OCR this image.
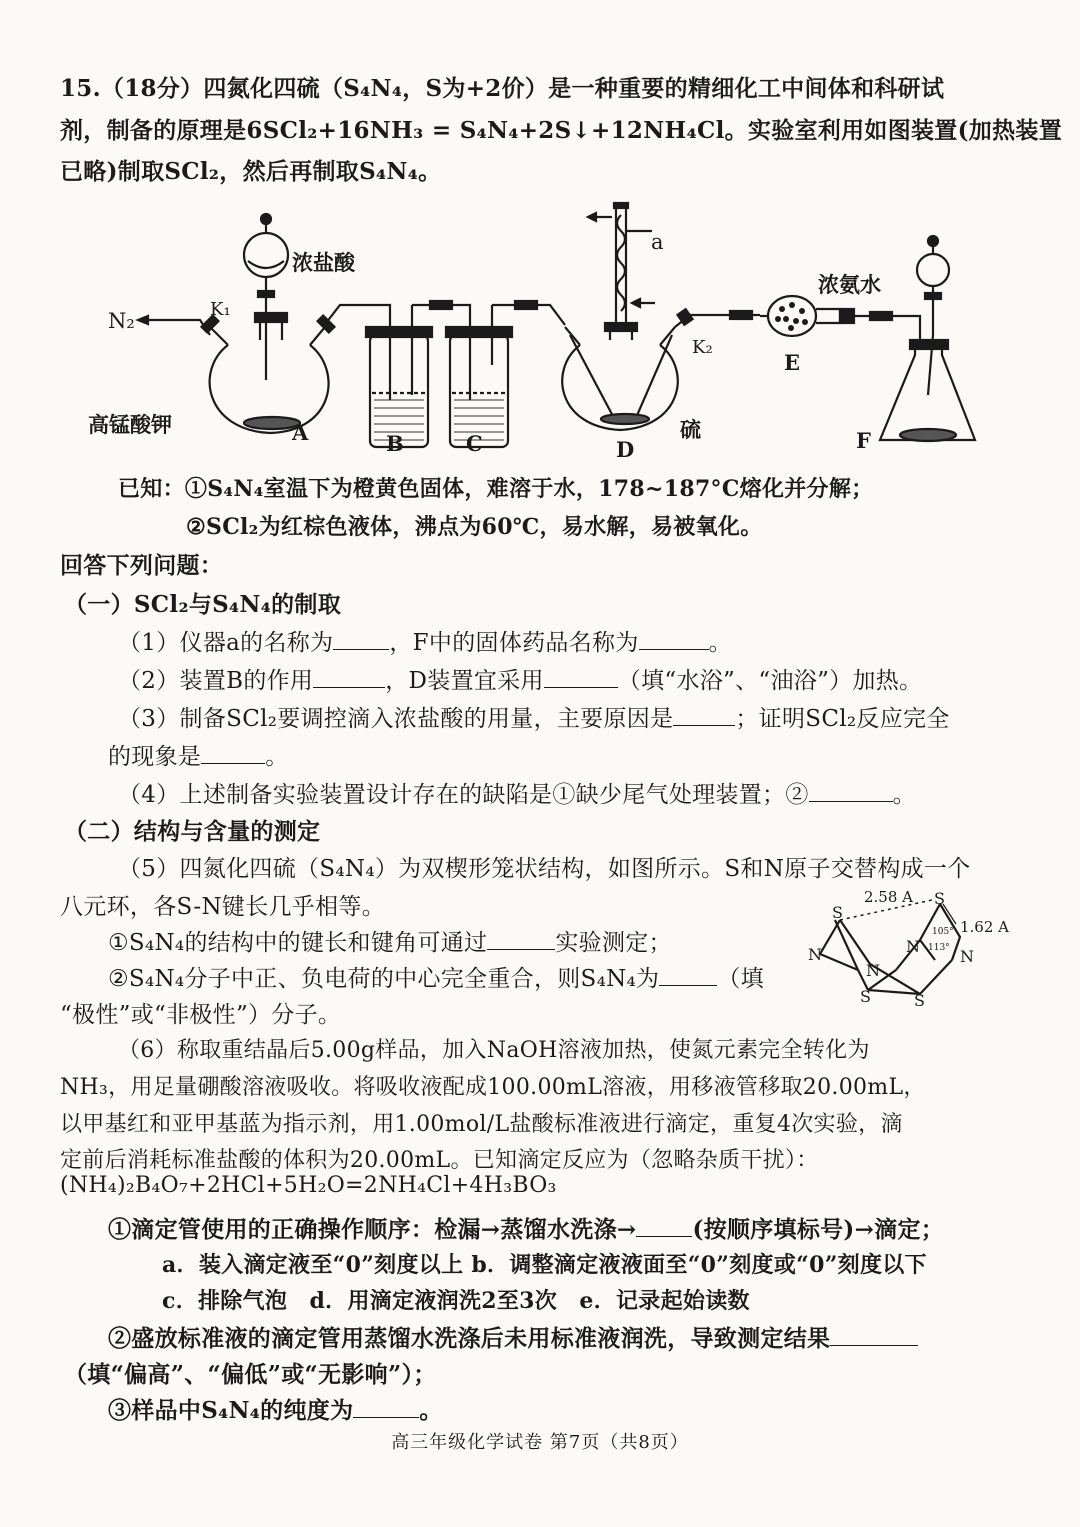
15.（18分）四氮化四硫（S₄N₄，S为+2价）是一种重要的精细化工中间体和科研试
剂，制备的原理是6SCl₂+16NH₃ = S₄N₄+2S↓+12NH₄Cl。实验室利用如图装置(加热装置
已略)制取SCl₂，然后再制取S₄N₄。
N₂	K₁
K₂
浓盐酸
高锰酸钾	硫
浓氨水
a
A	B	C	D
E
F
已知：①S₄N₄室温下为橙黄色固体，难溶于水，178~187°C熔化并分解；
②SCl₂为红棕色液体，沸点为60℃，易水解，易被氧化。
回答下列问题：
（一）SCl₂与S₄N₄的制取
（1）仪器a的名称为 ，F中的固体药品名称为	。
（2）装置B的作用	，D装置宜采用	（填“水浴”、“油浴”）加热。
（3）制备SCl₂要调控滴入浓盐酸的用量，主要原因是	；证明SCl₂反应完全
的现象是	。
（4）上述制备实验装置设计存在的缺陷是①缺少尾气处理装置；②	。
（二）结构与含量的测定
（5）四氮化四硫（S₄N₄）为双楔形笼状结构，如图所示。S和N原子交替构成一个
八元环，各S-N键长几乎相等。
①S₄N₄的结构中的键长和键角可通过	实验测定；
②S₄N₄分子中正、负电荷的中心完全重合，则S₄N₄为	（填
“极性”或“非极性”）分子。
S
S
S	S
N
N
N
N
2.58 A
1.62 A
105°
113°
（6）称取重结晶后5.00g样品，加入NaOH溶液加热，使氮元素完全转化为
NH₃，用足量硼酸溶液吸收。将吸收液配成100.00mL溶液，用移液管移取20.00mL，
以甲基红和亚甲基蓝为指示剂，用1.00mol/L盐酸标准液进行滴定，重复4次实验，滴
定前后消耗标准盐酸的体积为20.00mL。已知滴定反应为（忽略杂质干扰）：
(NH₄)₂B₄O₇+2HCl+5H₂O=2NH₄Cl+4H₃BO₃
①滴定管使用的正确操作顺序：检漏→蒸馏水洗涤→ (按顺序填标号)→滴定；
a．装入滴定液至“0”刻度以上 b．调整滴定液液面至“0”刻度或“0”刻度以下
c．排除气泡　d．用滴定液润洗2至3次　e．记录起始读数
②盛放标准液的滴定管用蒸馏水洗涤后未用标准液润洗，导致测定结果
（填“偏高”、“偏低”或“无影响”）；
③样品中S₄N₄的纯度为	。
高三年级化学试卷 第7页（共8页）
